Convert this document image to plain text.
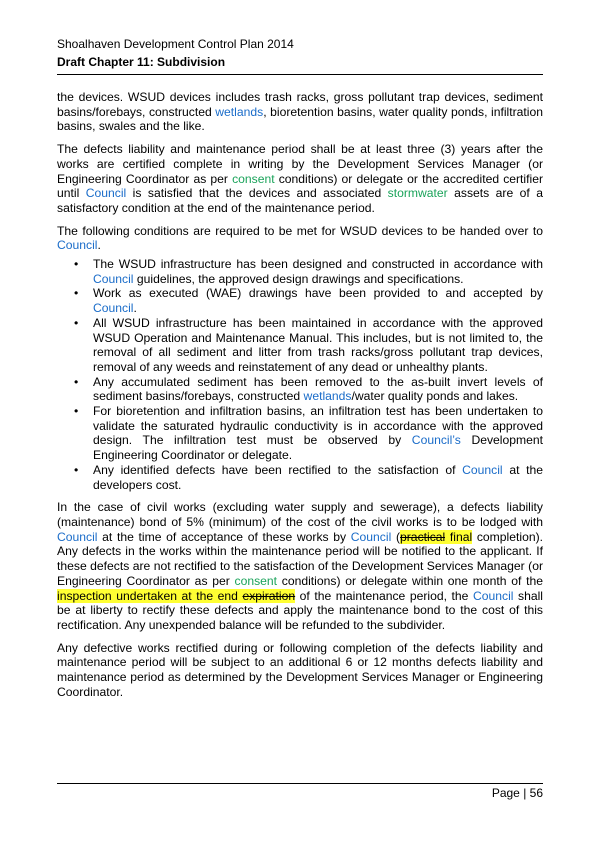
Shoalhaven Development Control Plan 2014
Draft Chapter 11: Subdivision

the devices. WSUD devices includes trash racks, gross pollutant trap devices, sediment basins/forebays, constructed wetlands, bioretention basins, water quality ponds, infiltration basins, swales and the like.

The defects liability and maintenance period shall be at least three (3) years after the works are certified complete in writing by the Development Services Manager (or Engineering Coordinator as per consent conditions) or delegate or the accredited certifier until Council is satisfied that the devices and associated stormwater assets are of a satisfactory condition at the end of the maintenance period.

The following conditions are required to be met for WSUD devices to be handed over to Council.

• The WSUD infrastructure has been designed and constructed in accordance with Council guidelines, the approved design drawings and specifications.
• Work as executed (WAE) drawings have been provided to and accepted by Council.
• All WSUD infrastructure has been maintained in accordance with the approved WSUD Operation and Maintenance Manual. This includes, but is not limited to, the removal of all sediment and litter from trash racks/gross pollutant trap devices, removal of any weeds and reinstatement of any dead or unhealthy plants.
• Any accumulated sediment has been removed to the as-built invert levels of sediment basins/forebays, constructed wetlands/water quality ponds and lakes.
• For bioretention and infiltration basins, an infiltration test has been undertaken to validate the saturated hydraulic conductivity is in accordance with the approved design. The infiltration test must be observed by Council’s Development Engineering Coordinator or delegate.
• Any identified defects have been rectified to the satisfaction of Council at the developers cost.

In the case of civil works (excluding water supply and sewerage), a defects liability (maintenance) bond of 5% (minimum) of the cost of the civil works is to be lodged with Council at the time of acceptance of these works by Council (practical final completion). Any defects in the works within the maintenance period will be notified to the applicant. If these defects are not rectified to the satisfaction of the Development Services Manager (or Engineering Coordinator as per consent conditions) or delegate within one month of the inspection undertaken at the end expiration of the maintenance period, the Council shall be at liberty to rectify these defects and apply the maintenance bond to the cost of this rectification. Any unexpended balance will be refunded to the subdivider.

Any defective works rectified during or following completion of the defects liability and maintenance period will be subject to an additional 6 or 12 months defects liability and maintenance period as determined by the Development Services Manager or Engineering Coordinator.

Page | 56
